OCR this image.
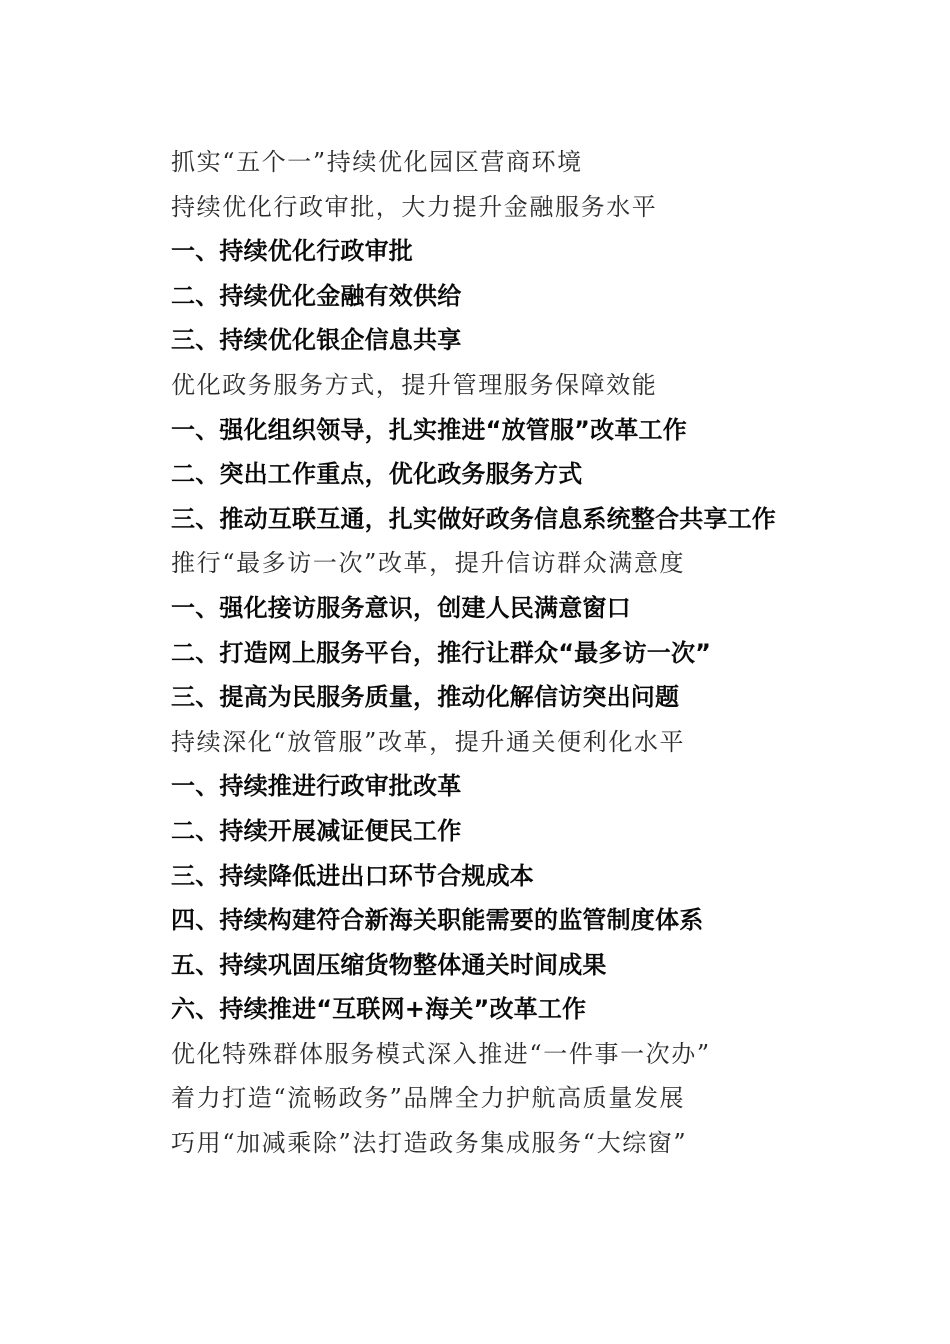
抓实“五个一”持续优化园区营商环境
持续优化行政审批，大力提升金融服务水平
一、持续优化行政审批
二、持续优化金融有效供给
三、持续优化银企信息共享
优化政务服务方式，提升管理服务保障效能
一、强化组织领导，扎实推进“放管服”改革工作
二、突出工作重点，优化政务服务方式
三、推动互联互通，扎实做好政务信息系统整合共享工作
推行“最多访一次”改革，提升信访群众满意度
一、强化接访服务意识，创建人民满意窗口
二、打造网上服务平台，推行让群众“最多访一次”
三、提高为民服务质量，推动化解信访突出问题
持续深化“放管服”改革，提升通关便利化水平
一、持续推进行政审批改革
二、持续开展减证便民工作
三、持续降低进出口环节合规成本
四、持续构建符合新海关职能需要的监管制度体系
五、持续巩固压缩货物整体通关时间成果
六、持续推进“互联网+海关”改革工作
优化特殊群体服务模式深入推进“一件事一次办”
着力打造“流畅政务”品牌全力护航高质量发展
巧用“加减乘除”法打造政务集成服务“大综窗”
